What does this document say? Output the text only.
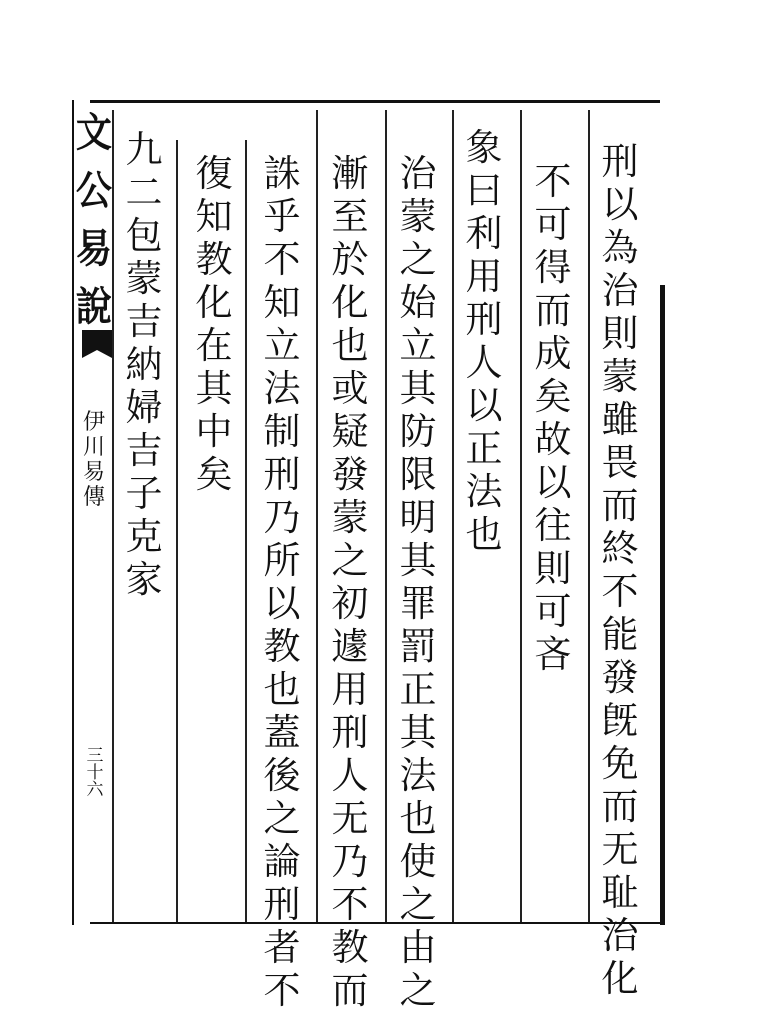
文
公
易
說
伊
川
易
傳
三
十
六
刑
以
為
治
則
蒙
雖
畏
而
終
不
能
發
旣
免
而
无
耻
治
化
不
可
得
而
成
矣
故
以
往
則
可
吝
象
曰
利
用
刑
人
以
正
法
也
治
蒙
之
始
立
其
防
限
明
其
罪
罰
正
其
法
也
使
之
由
之
漸
至
於
化
也
或
疑
發
蒙
之
初
遽
用
刑
人
无
乃
不
教
而
誅
乎
不
知
立
法
制
刑
乃
所
以
教
也
蓋
後
之
論
刑
者
不
復
知
教
化
在
其
中
矣
九
二
包
蒙
吉
納
婦
吉
子
克
家
